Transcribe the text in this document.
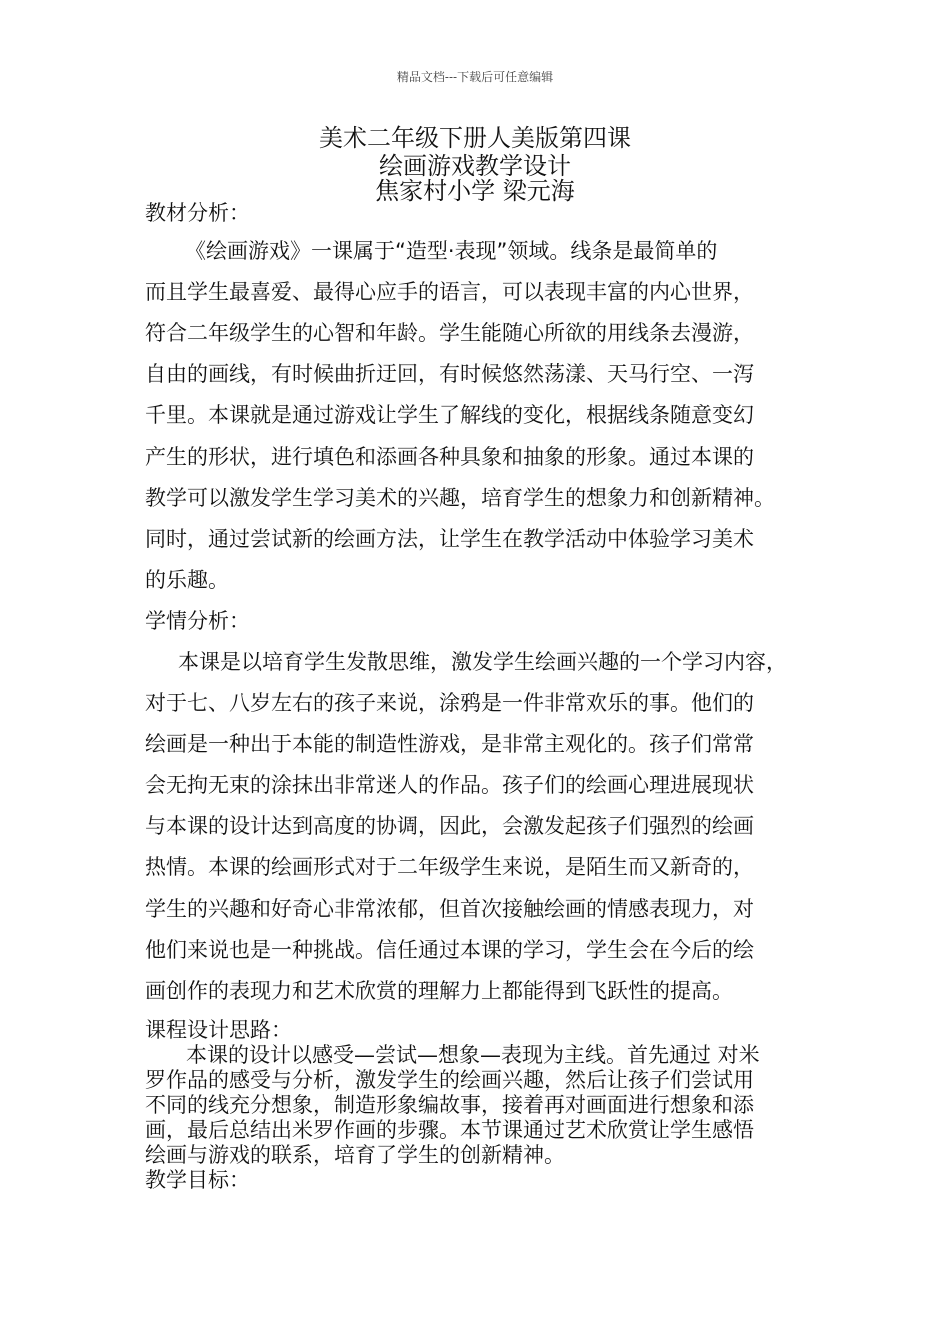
精品文档---下载后可任意编辑
美术二年级下册人美版第四课
绘画游戏教学设计
焦家村小学 梁元海
教材分析：
《绘画游戏》一课属于“造型·表现”领域。线条是最简单的
而且学生最喜爱、最得心应手的语言，可以表现丰富的内心世界，
符合二年级学生的心智和年龄。学生能随心所欲的用线条去漫游，
自由的画线，有时候曲折迂回，有时候悠然荡漾、天马行空、一泻
千里。本课就是通过游戏让学生了解线的变化，根据线条随意变幻
产生的形状，进行填色和添画各种具象和抽象的形象。通过本课的
教学可以激发学生学习美术的兴趣，培育学生的想象力和创新精神。
同时，通过尝试新的绘画方法，让学生在教学活动中体验学习美术
的乐趣。
学情分析：
本课是以培育学生发散思维，激发学生绘画兴趣的一个学习内容，
对于七、八岁左右的孩子来说，涂鸦是一件非常欢乐的事。他们的
绘画是一种出于本能的制造性游戏，是非常主观化的。孩子们常常
会无拘无束的涂抹出非常迷人的作品。孩子们的绘画心理进展现状
与本课的设计达到高度的协调，因此，会激发起孩子们强烈的绘画
热情。本课的绘画形式对于二年级学生来说，是陌生而又新奇的，
学生的兴趣和好奇心非常浓郁，但首次接触绘画的情感表现力，对
他们来说也是一种挑战。信任通过本课的学习，学生会在今后的绘
画创作的表现力和艺术欣赏的理解力上都能得到飞跃性的提高。
课程设计思路：
本课的设计以感受—尝试—想象—表现为主线。首先通过 对米
罗作品的感受与分析，激发学生的绘画兴趣，然后让孩子们尝试用
不同的线充分想象，制造形象编故事，接着再对画面进行想象和添
画，最后总结出米罗作画的步骤。本节课通过艺术欣赏让学生感悟
绘画与游戏的联系，培育了学生的创新精神。
教学目标：
